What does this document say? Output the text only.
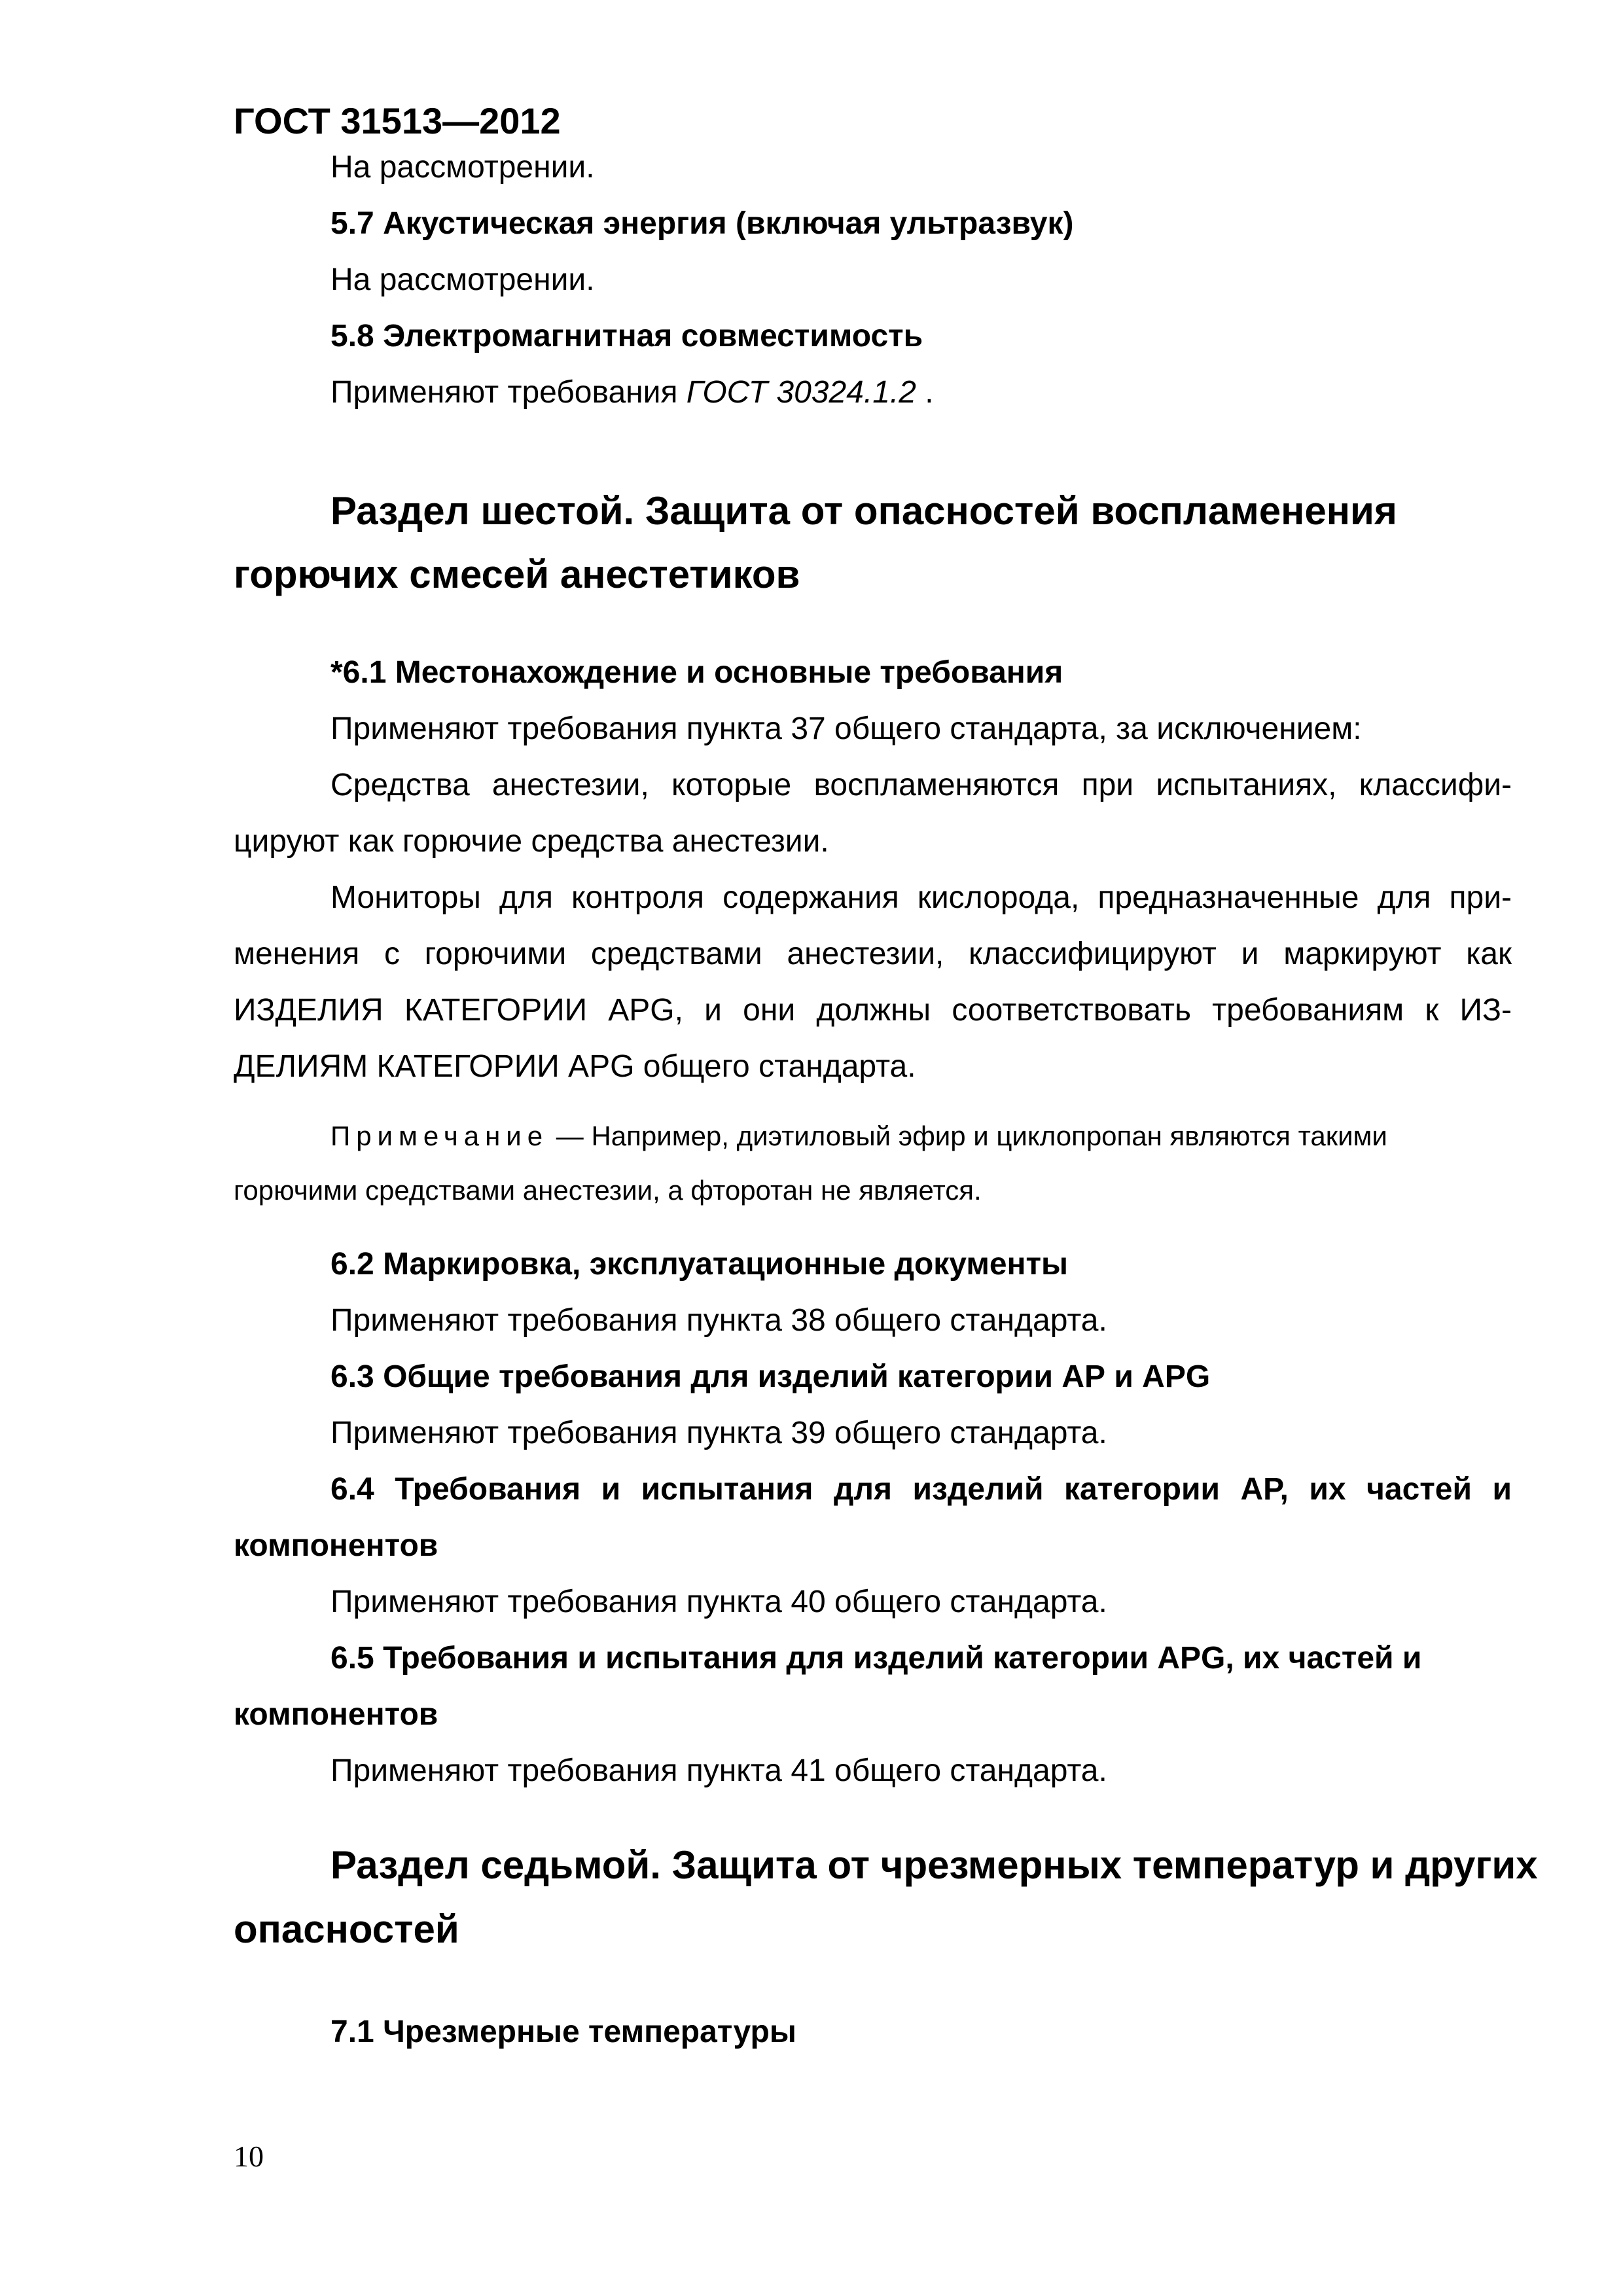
ГОСТ 31513—2012
На рассмотрении.
5.7 Акустическая энергия (включая ультразвук)
На рассмотрении.
5.8 Электромагнитная совместимость
Применяют требования ГОСТ 30324.1.2 .
Раздел шестой. Защита от опасностей воспламенения
горючих смесей анестетиков
*6.1 Местонахождение и основные требования
Применяют требования пункта 37 общего стандарта, за исключением:
Средства анестезии, которые воспламеняются при испытаниях, классифи-
цируют как горючие средства анестезии.
Мониторы для контроля содержания кислорода, предназначенные для при-
менения с горючими средствами анестезии, классифицируют и маркируют как
ИЗДЕЛИЯ КАТЕГОРИИ APG, и они должны соответствовать требованиям к ИЗ-
ДЕЛИЯМ КАТЕГОРИИ APG общего стандарта.
Примечание — Например, диэтиловый эфир и циклопропан являются такими
горючими средствами анестезии, а фторотан не является.
6.2 Маркировка, эксплуатационные документы
Применяют требования пункта 38 общего стандарта.
6.3 Общие требования для изделий категории АР и APG
Применяют требования пункта 39 общего стандарта.
6.4 Требования и испытания для изделий категории АР, их частей и
компонентов
Применяют требования пункта 40 общего стандарта.
6.5 Требования и испытания для изделий категории APG, их частей и
компонентов
Применяют требования пункта 41 общего стандарта.
Раздел седьмой. Защита от чрезмерных температур и других
опасностей
7.1 Чрезмерные температуры
10
